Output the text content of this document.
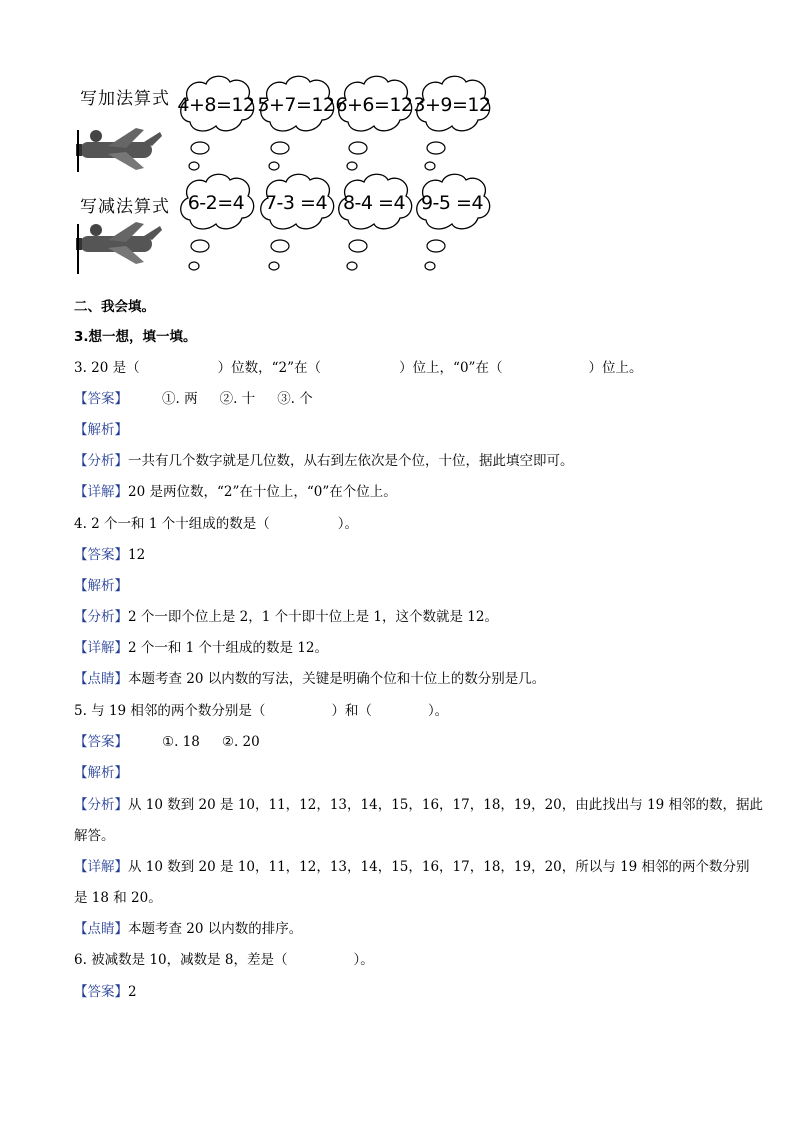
写加法算式
写减法算式
4+8=12 5+7=12 6+6=12 3+9=12
6-2=4	7-3 =4 8-4 =4 9-5 =4
二、我会填。
3.想一想，填一填。
3. 20 是（	）位数，“2”在（	）位上，“0”在（	）位上。
【答案】	①. 两 ②. 十 ③. 个
【解析】
【分析】一共有几个数字就是几位数，从右到左依次是个位，十位，据此填空即可。
【详解】20 是两位数，“2”在十位上，“0”在个位上。
4. 2 个一和 1 个十组成的数是（	）。
【答案】12
【解析】
【分析】2 个一即个位上是 2，1 个十即十位上是 1，这个数就是 12。
【详解】2 个一和 1 个十组成的数是 12。
【点睛】本题考查 20 以内数的写法，关键是明确个位和十位上的数分别是几。
5. 与 19 相邻的两个数分别是（	）和（	）。
【答案】	①. 18 ②. 20
【解析】
【分析】从 10 数到 20 是 10，11，12，13，14，15，16，17，18，19，20，由此找出与 19 相邻的数，据此
解答。
【详解】从 10 数到 20 是 10，11，12，13，14，15，16，17，18，19，20，所以与 19 相邻的两个数分别
是 18 和 20。
【点睛】本题考查 20 以内数的排序。
6. 被减数是 10，减数是 8，差是（	）。
【答案】2
